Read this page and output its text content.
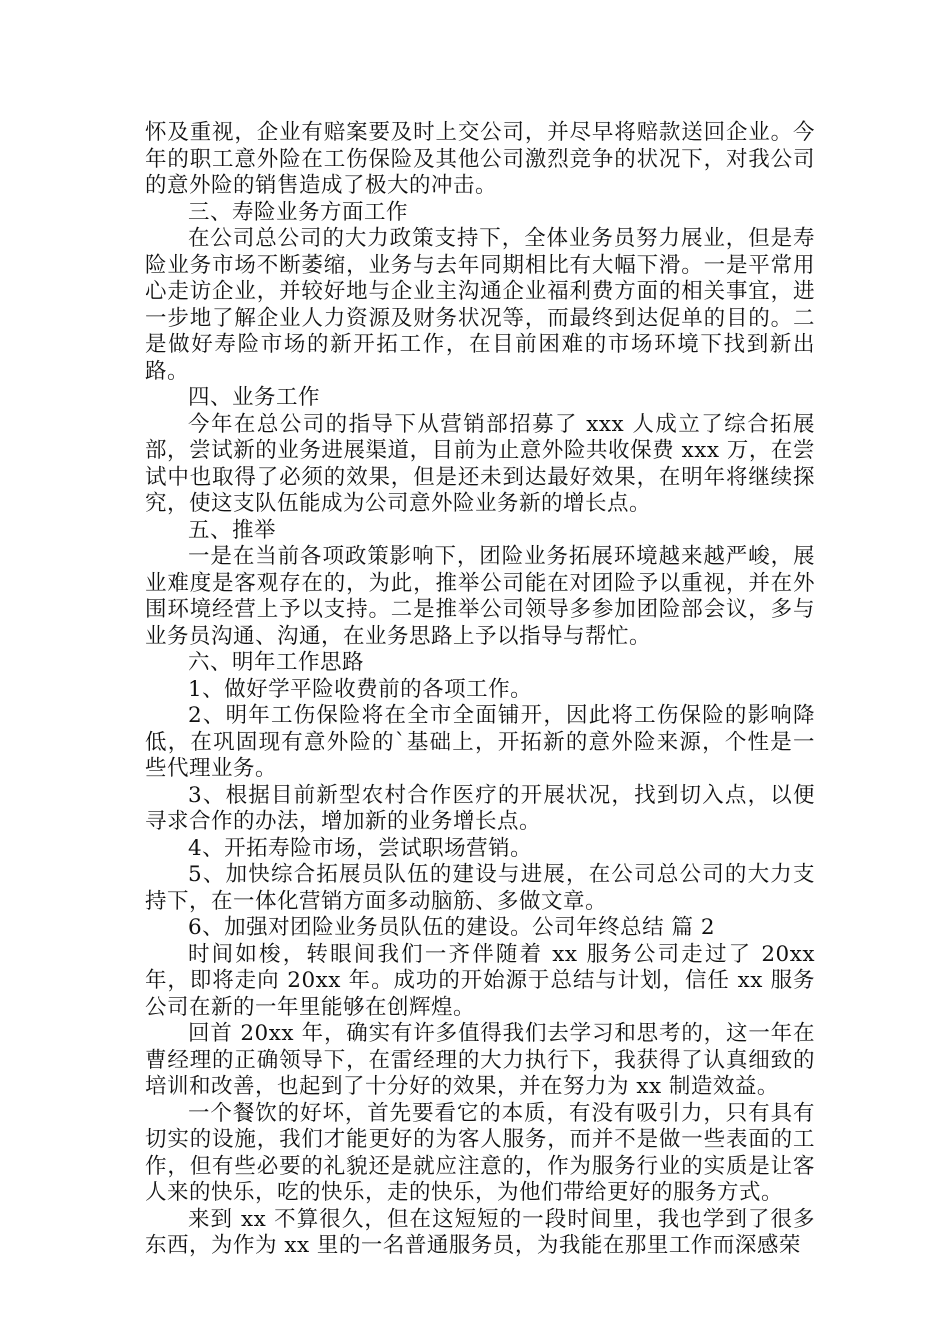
怀及重视，企业有赔案要及时上交公司，并尽早将赔款送回企业。今年的职工意外险在工伤保险及其他公司激烈竞争的状况下，对我公司的意外险的销售造成了极大的冲击。

三、寿险业务方面工作

在公司总公司的大力政策支持下，全体业务员努力展业，但是寿险业务市场不断萎缩，业务与去年同期相比有大幅下滑。一是平常用心走访企业，并较好地与企业主沟通企业福利费方面的相关事宜，进一步地了解企业人力资源及财务状况等，而最终到达促单的目的。二是做好寿险市场的新开拓工作，在目前困难的市场环境下找到新出路。

四、业务工作

今年在总公司的指导下从营销部招募了 xxx 人成立了综合拓展部，尝试新的业务进展渠道，目前为止意外险共收保费 xxx 万，在尝试中也取得了必须的效果，但是还未到达最好效果，在明年将继续探究，使这支队伍能成为公司意外险业务新的增长点。

五、推举

一是在当前各项政策影响下，团险业务拓展环境越来越严峻，展业难度是客观存在的，为此，推举公司能在对团险予以重视，并在外围环境经营上予以支持。二是推举公司领导多参加团险部会议，多与业务员沟通、沟通，在业务思路上予以指导与帮忙。

六、明年工作思路

1、做好学平险收费前的各项工作。

2、明年工伤保险将在全市全面铺开，因此将工伤保险的影响降低，在巩固现有意外险的`基础上，开拓新的意外险来源，个性是一些代理业务。

3、根据目前新型农村合作医疗的开展状况，找到切入点，以便寻求合作的办法，增加新的业务增长点。

4、开拓寿险市场，尝试职场营销。

5、加快综合拓展员队伍的建设与进展，在公司总公司的大力支持下，在一体化营销方面多动脑筋、多做文章。

6、加强对团险业务员队伍的建设。公司年终总结 篇 2

时间如梭，转眼间我们一齐伴随着 xx 服务公司走过了 20xx 年，即将走向 20xx 年。成功的开始源于总结与计划，信任 xx 服务公司在新的一年里能够在创辉煌。

回首 20xx 年，确实有许多值得我们去学习和思考的，这一年在曹经理的正确领导下，在雷经理的大力执行下，我获得了认真细致的培训和改善，也起到了十分好的效果，并在努力为 xx 制造效益。

一个餐饮的好坏，首先要看它的本质，有没有吸引力，只有具有切实的设施，我们才能更好的为客人服务，而并不是做一些表面的工作，但有些必要的礼貌还是就应注意的，作为服务行业的实质是让客人来的快乐，吃的快乐，走的快乐，为他们带给更好的服务方式。

来到 xx 不算很久，但在这短短的一段时间里，我也学到了很多东西，为作为 xx 里的一名普通服务员，为我能在那里工作而深感荣
